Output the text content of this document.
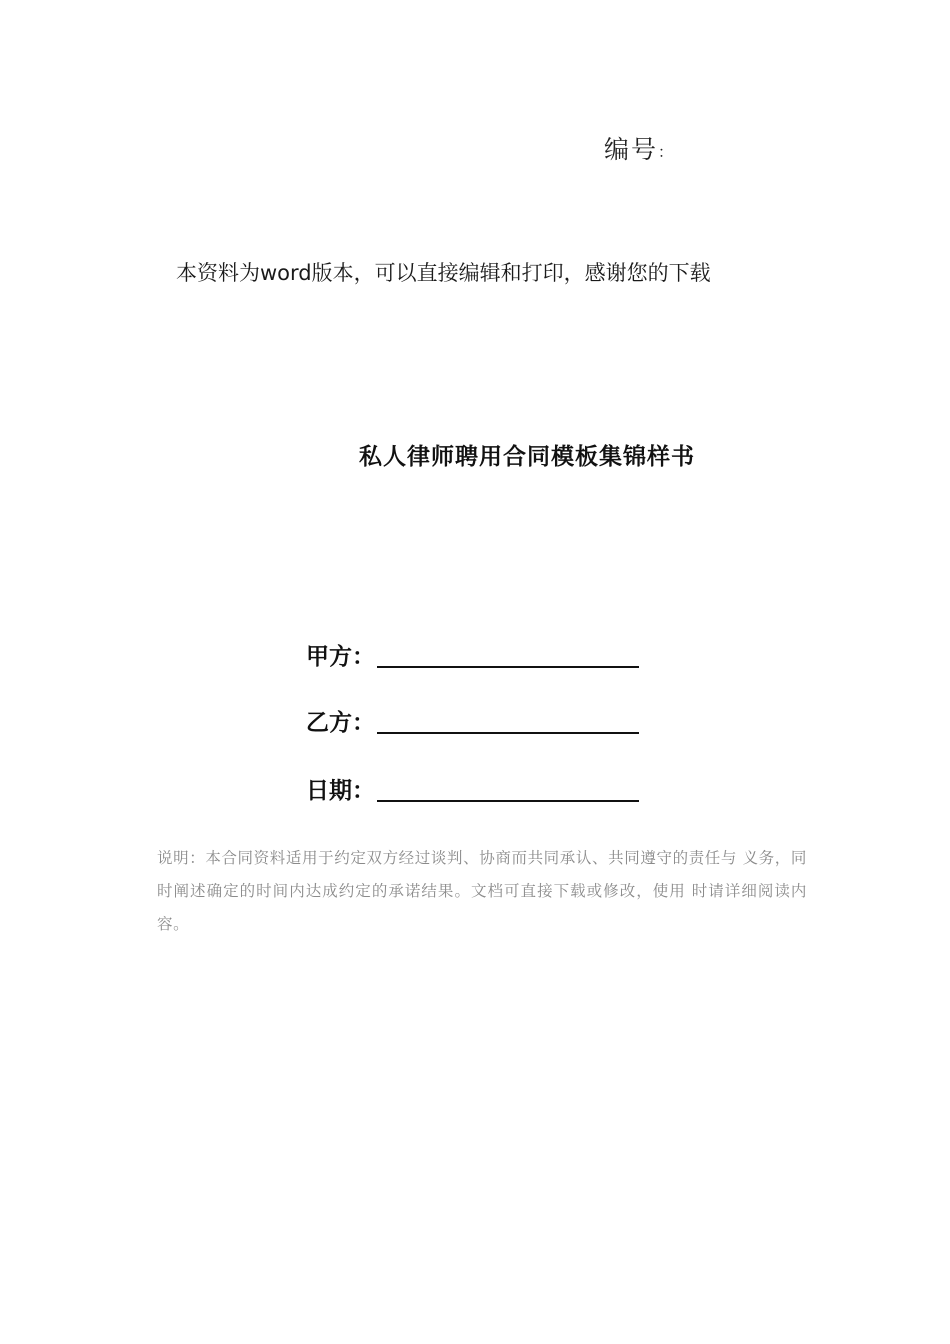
编号：
本资料为word版本，可以直接编辑和打印，感谢您的下载
私人律师聘用合同模板集锦样书
甲方：
乙方：
日期：
说明：本合同资料适用于约定双方经过谈判、协商而共同承认、共同遵守的责任与 义务，同时阐述确定的时间内达成约定的承诺结果。文档可直接下载或修改，使用 时请详细阅读内容。
